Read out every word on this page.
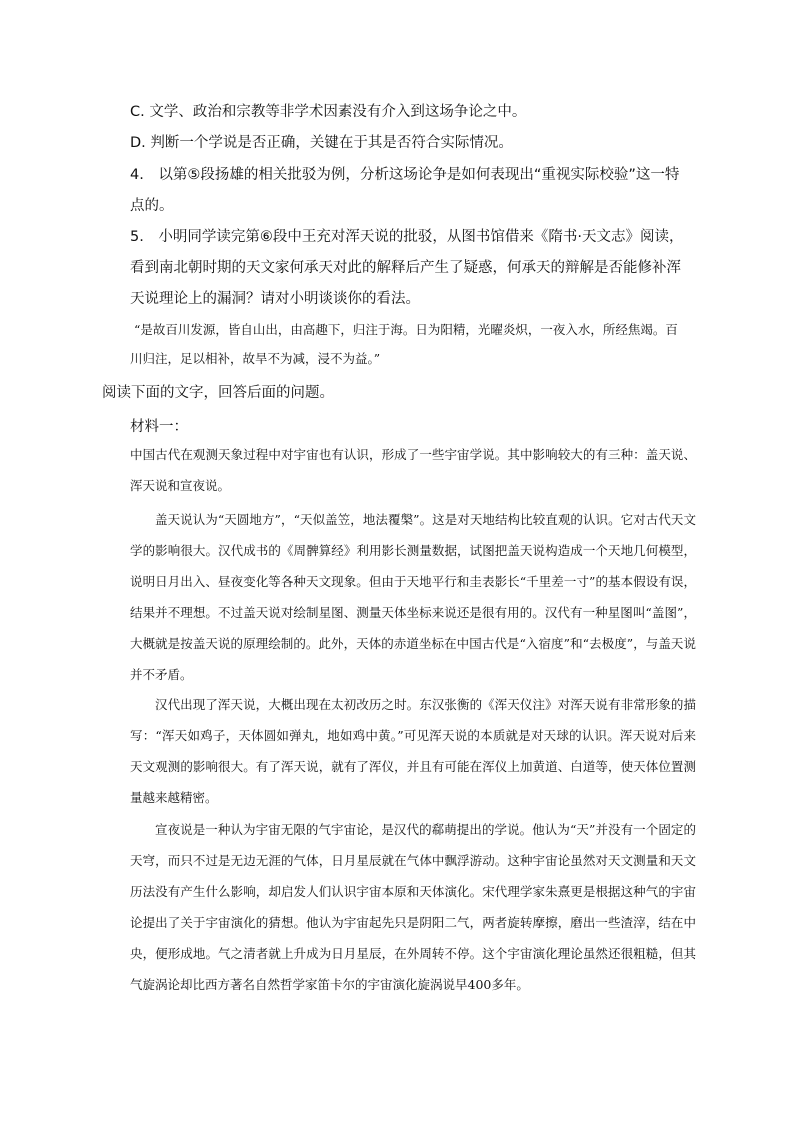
C. 文学、政治和宗教等非学术因素没有介入到这场争论之中。

D. 判断一个学说是否正确，关键在于其是否符合实际情况。

4.　以第⑤段扬雄的相关批驳为例，分析这场论争是如何表现出“重视实际校验”这一特点的。

5.　小明同学读完第⑥段中王充对浑天说的批驳，从图书馆借来《隋书·天文志》阅读，看到南北朝时期的天文家何承天对此的解释后产生了疑惑，何承天的辩解是否能修补浑天说理论上的漏洞？请对小明谈谈你的看法。

“是故百川发源，皆自山出，由高趣下，归注于海。日为阳精，光曜炎炽，一夜入水，所经焦竭。百川归注，足以相补，故旱不为减，浸不为益。”

阅读下面的文字，回答后面的问题。

材料一：

中国古代在观测天象过程中对宇宙也有认识，形成了一些宇宙学说。其中影响较大的有三种：盖天说、浑天说和宣夜说。

盖天说认为“天圆地方”，“天似盖笠，地法覆槃”。这是对天地结构比较直观的认识。它对古代天文学的影响很大。汉代成书的《周髀算经》利用影长测量数据，试图把盖天说构造成一个天地几何模型，说明日月出入、昼夜变化等各种天文现象。但由于天地平行和圭表影长“千里差一寸”的基本假设有误，结果并不理想。不过盖天说对绘制星图、测量天体坐标来说还是很有用的。汉代有一种星图叫“盖图”，大概就是按盖天说的原理绘制的。此外，天体的赤道坐标在中国古代是“入宿度”和“去极度”，与盖天说并不矛盾。

汉代出现了浑天说，大概出现在太初改历之时。东汉张衡的《浑天仪注》对浑天说有非常形象的描写：“浑天如鸡子，天体圆如弹丸，地如鸡中黄。”可见浑天说的本质就是对天球的认识。浑天说对后来天文观测的影响很大。有了浑天说，就有了浑仪，并且有可能在浑仪上加黄道、白道等，使天体位置测量越来越精密。

宣夜说是一种认为宇宙无限的气宇宙论，是汉代的郗萌提出的学说。他认为“天”并没有一个固定的天穹，而只不过是无边无涯的气体，日月星辰就在气体中飘浮游动。这种宇宙论虽然对天文测量和天文历法没有产生什么影响，却启发人们认识宇宙本原和天体演化。宋代理学家朱熹更是根据这种气的宇宙论提出了关于宇宙演化的猜想。他认为宇宙起先只是阴阳二气，两者旋转摩擦，磨出一些渣滓，结在中央，便形成地。气之清者就上升成为日月星辰，在外周转不停。这个宇宙演化理论虽然还很粗糙，但其气旋涡论却比西方著名自然哲学家笛卡尔的宇宙演化旋涡说早400多年。
